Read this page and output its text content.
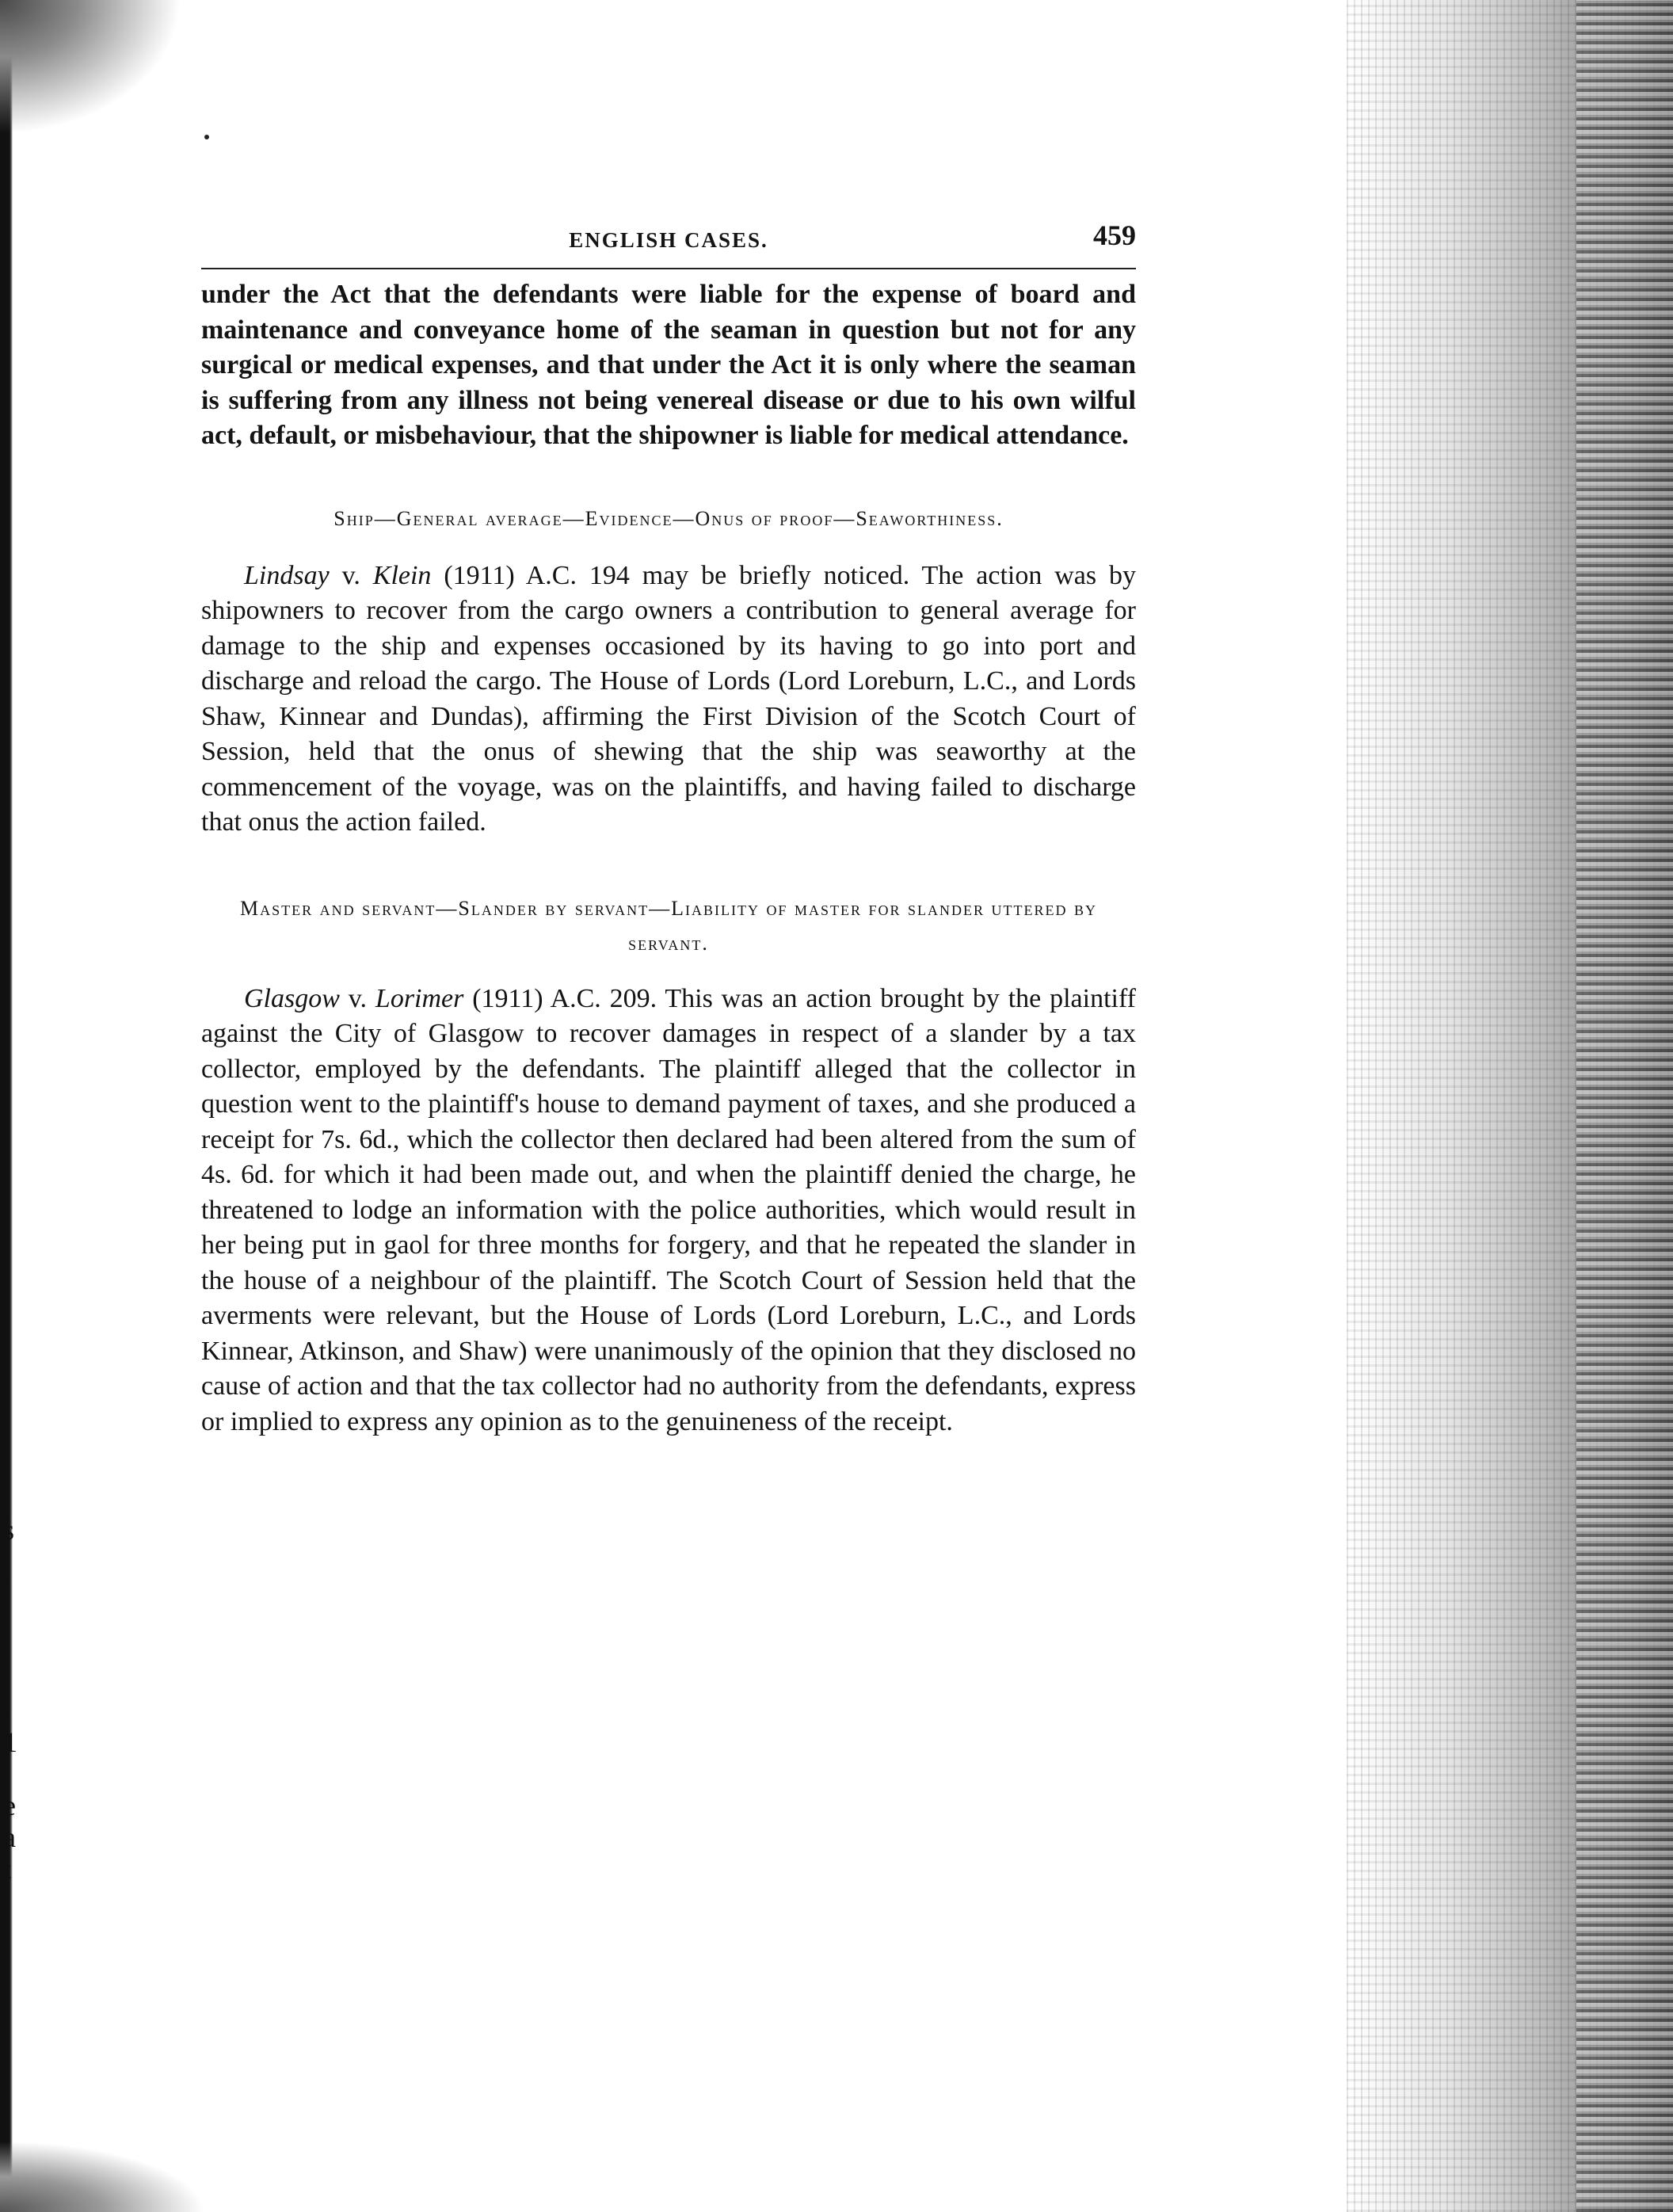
,
s
,
.
,
1
.
e
a
t
ENGLISH CASES.	459

under the Act that the defendants were liable for the expense of board and maintenance and conveyance home of the seaman in question but not for any surgical or medical expenses, and that under the Act it is only where the seaman is suffering from any illness not being venereal disease or due to his own wilful act, default, or misbehaviour, that the shipowner is liable for medical attendance.

Ship—General average—Evidence—Onus of proof—Seaworthiness.

Lindsay v. Klein (1911) A.C. 194 may be briefly noticed. The action was by shipowners to recover from the cargo owners a contribution to general average for damage to the ship and expenses occasioned by its having to go into port and discharge and reload the cargo. The House of Lords (Lord Loreburn, L.C., and Lords Shaw, Kinnear and Dundas), affirming the First Division of the Scotch Court of Session, held that the onus of shewing that the ship was seaworthy at the commencement of the voyage, was on the plaintiffs, and having failed to discharge that onus the action failed.

Master and servant—Slander by servant—Liability of master for slander uttered by servant.

Glasgow v. Lorimer (1911) A.C. 209. This was an action brought by the plaintiff against the City of Glasgow to recover damages in respect of a slander by a tax collector, employed by the defendants. The plaintiff alleged that the collector in question went to the plaintiff's house to demand payment of taxes, and she produced a receipt for 7s. 6d., which the collector then declared had been altered from the sum of 4s. 6d. for which it had been made out, and when the plaintiff denied the charge, he threatened to lodge an information with the police authorities, which would result in her being put in gaol for three months for forgery, and that he repeated the slander in the house of a neighbour of the plaintiff. The Scotch Court of Session held that the averments were relevant, but the House of Lords (Lord Loreburn, L.C., and Lords Kinnear, Atkinson, and Shaw) were unanimously of the opinion that they disclosed no cause of action and that the tax collector had no authority from the defendants, express or implied to express any opinion as to the genuineness of the receipt.
